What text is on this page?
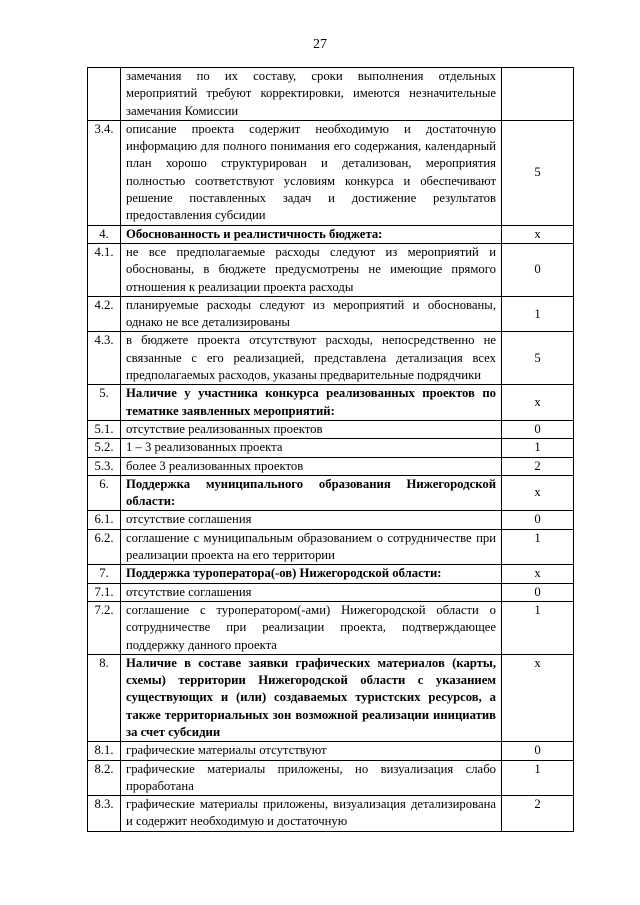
27
	замечания по их составу, сроки выполнения отдельных мероприятий требуют корректировки, имеются незначительные замечания Комиссии	
3.4.	описание проекта содержит необходимую и достаточную информацию для полного понимания его содержания, календарный план хорошо структурирован и детализован, мероприятия полностью соответствуют условиям конкурса и обеспечивают решение поставленных задач и достижение результатов предоставления субсидии	5
4.	Обоснованность и реалистичность бюджета:	x
4.1.	не все предполагаемые расходы следуют из мероприятий и обоснованы, в бюджете предусмотрены не имеющие прямого отношения к реализации проекта расходы	0
4.2.	планируемые расходы следуют из мероприятий и обоснованы, однако не все детализированы	1
4.3.	в бюджете проекта отсутствуют расходы, непосредственно не связанные с его реализацией, представлена детализация всех предполагаемых расходов, указаны предварительные подрядчики	5
5.	Наличие у участника конкурса реализованных проектов по тематике заявленных мероприятий:	x
5.1.	отсутствие реализованных проектов	0
5.2.	1 – 3 реализованных проекта	1
5.3.	более 3 реализованных проектов	2
6.	Поддержка муниципального образования Нижегородской области:	x
6.1.	отсутствие соглашения	0
6.2.	соглашение с муниципальным образованием о сотрудничестве при реализации проекта на его территории	1
7.	Поддержка туроператора(-ов) Нижегородской области:	x
7.1.	отсутствие соглашения	0
7.2.	соглашение с туроператором(-ами) Нижегородской области о сотрудничестве при реализации проекта, подтверждающее поддержку данного проекта	1
8.	Наличие в составе заявки графических материалов (карты, схемы) территории Нижегородской области с указанием существующих и (или) создаваемых туристских ресурсов, а также территориальных зон возможной реализации инициатив за счет субсидии	x
8.1.	графические материалы отсутствуют	0
8.2.	графические материалы приложены, но визуализация слабо проработана	1
8.3.	графические материалы приложены, визуализация детализирована и содержит необходимую и достаточную	2
